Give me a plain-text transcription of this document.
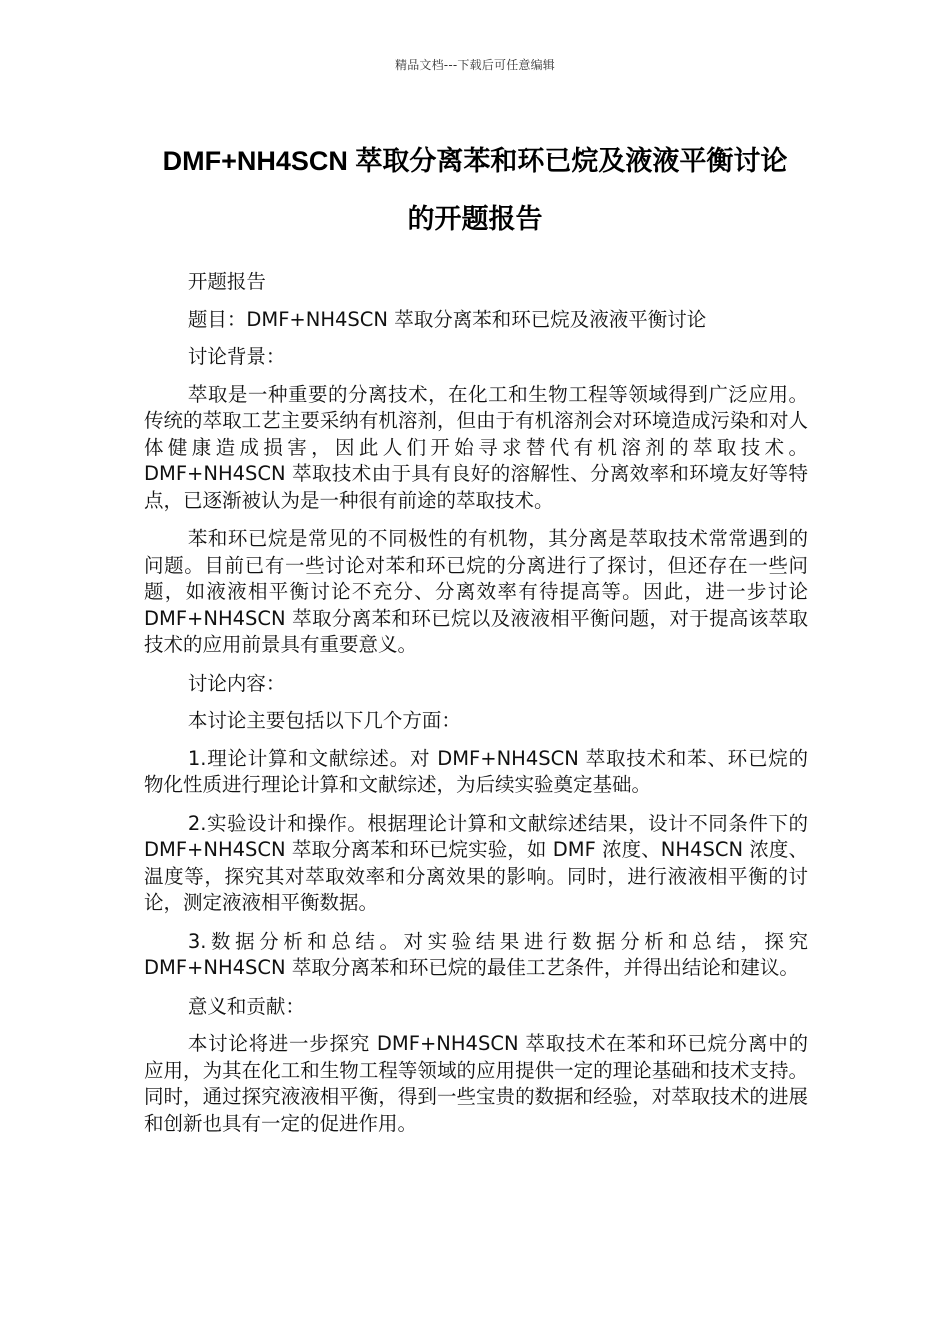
精品文档---下载后可任意编辑
DMF+NH4SCN 萃取分离苯和环已烷及液液平衡讨论
的开题报告

开题报告

题目：DMF+NH4SCN 萃取分离苯和环已烷及液液平衡讨论

讨论背景：

萃取是一种重要的分离技术，在化工和生物工程等领域得到广泛应用。传统的萃取工艺主要采纳有机溶剂，但由于有机溶剂会对环境造成污染和对人体健康造成损害，因此人们开始寻求替代有机溶剂的萃取技术。DMF+NH4SCN 萃取技术由于具有良好的溶解性、分离效率和环境友好等特点，已逐渐被认为是一种很有前途的萃取技术。

苯和环已烷是常见的不同极性的有机物，其分离是萃取技术常常遇到的问题。目前已有一些讨论对苯和环已烷的分离进行了探讨，但还存在一些问题，如液液相平衡讨论不充分、分离效率有待提高等。因此，进一步讨论 DMF+NH4SCN 萃取分离苯和环已烷以及液液相平衡问题，对于提高该萃取技术的应用前景具有重要意义。

讨论内容：

本讨论主要包括以下几个方面：

1.理论计算和文献综述。对 DMF+NH4SCN 萃取技术和苯、环已烷的物化性质进行理论计算和文献综述，为后续实验奠定基础。

2.实验设计和操作。根据理论计算和文献综述结果，设计不同条件下的 DMF+NH4SCN 萃取分离苯和环已烷实验，如 DMF 浓度、NH4SCN 浓度、温度等，探究其对萃取效率和分离效果的影响。同时，进行液液相平衡的讨论，测定液液相平衡数据。

3.数据分析和总结。对实验结果进行数据分析和总结，探究 DMF+NH4SCN 萃取分离苯和环已烷的最佳工艺条件，并得出结论和建议。

意义和贡献：

本讨论将进一步探究 DMF+NH4SCN 萃取技术在苯和环已烷分离中的应用，为其在化工和生物工程等领域的应用提供一定的理论基础和技术支持。同时，通过探究液液相平衡，得到一些宝贵的数据和经验，对萃取技术的进展和创新也具有一定的促进作用。
